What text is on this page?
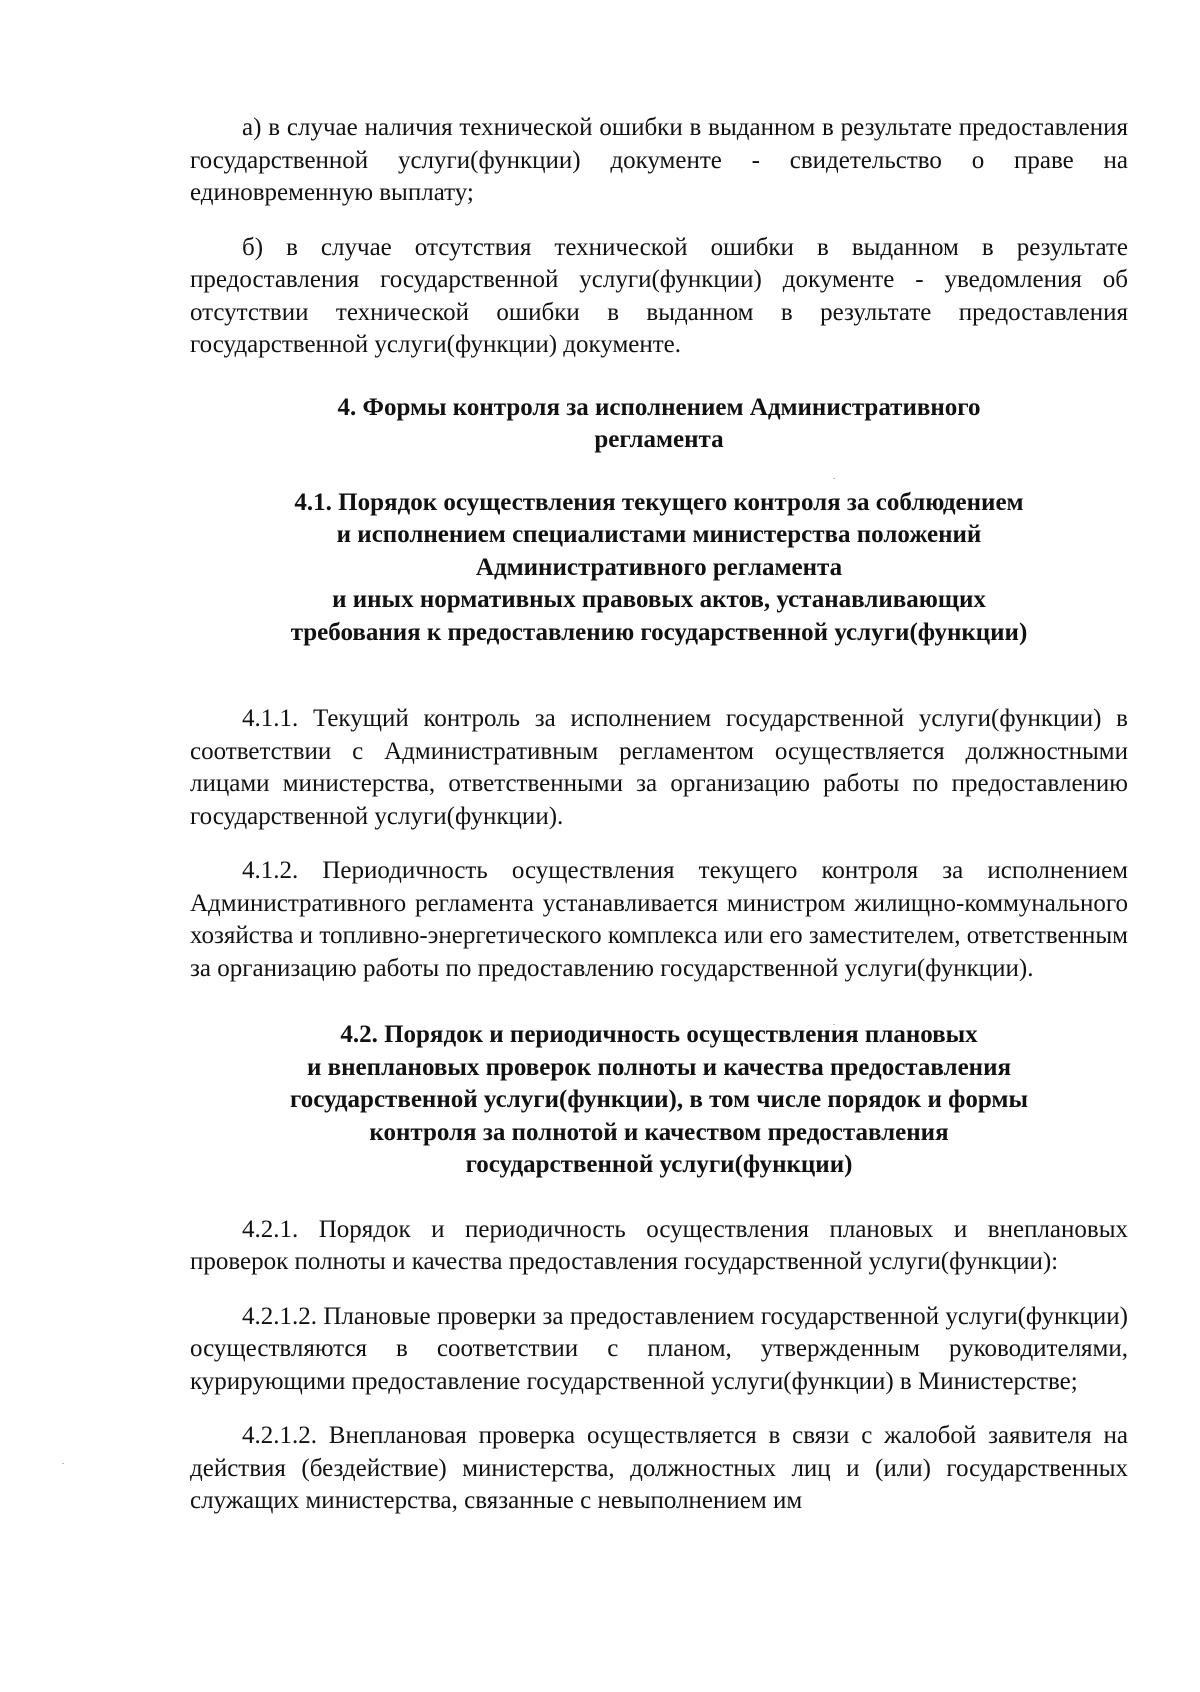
а) в случае наличия технической ошибки в выданном в результате предоставления государственной услуги(функции) документе - свидетельство о праве на единовременную выплату;

б) в случае отсутствия технической ошибки в выданном в результате предоставления государственной услуги(функции) документе - уведомления об отсутствии технической ошибки в выданном в результате предоставления государственной услуги(функции) документе.

4. Формы контроля за исполнением Административного
регламента
4.1. Порядок осуществления текущего контроля за соблюдением
и исполнением специалистами министерства положений
Административного регламента
и иных нормативных правовых актов, устанавливающих
требования к предоставлению государственной услуги(функции)

4.1.1. Текущий контроль за исполнением государственной услуги(функции) в соответствии с Административным регламентом осуществляется должностными лицами министерства, ответственными за организацию работы по предоставлению государственной услуги(функции).

4.1.2. Периодичность осуществления текущего контроля за исполнением Административного регламента устанавливается министром жилищно-коммунального хозяйства и топливно-энергетического комплекса или его заместителем, ответственным за организацию работы по предоставлению государственной услуги(функции).

4.2. Порядок и периодичность осуществления плановых
и внеплановых проверок полноты и качества предоставления
государственной услуги(функции), в том числе порядок и формы
контроля за полнотой и качеством предоставления
государственной услуги(функции)

4.2.1. Порядок и периодичность осуществления плановых и внеплановых проверок полноты и качества предоставления государственной услуги(функции):

4.2.1.2. Плановые проверки за предоставлением государственной услуги(функции) осуществляются в соответствии с планом, утвержденным руководителями, курирующими предоставление государственной услуги(функции) в Министерстве;

4.2.1.2. Внеплановая проверка осуществляется в связи с жалобой заявителя на действия (бездействие) министерства, должностных лиц и (или) государственных служащих министерства, связанные с невыполнением им
